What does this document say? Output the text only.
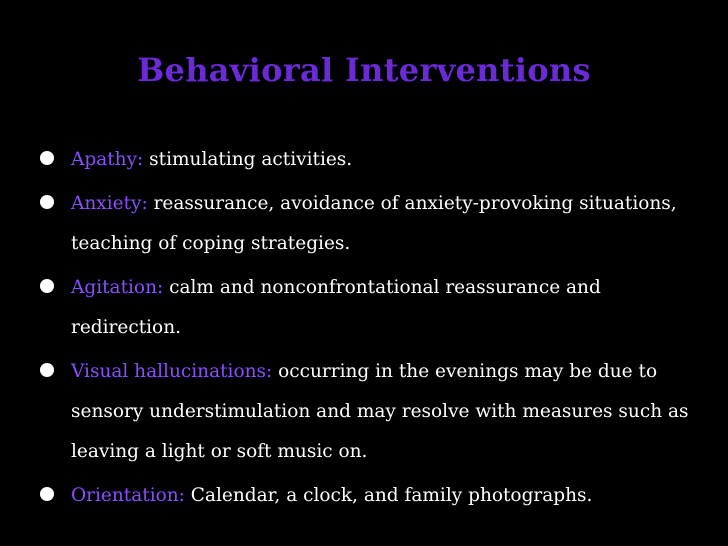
Behavioral Interventions
Apathy: stimulating activities.
Anxiety: reassurance, avoidance of anxiety-provoking situations, teaching of coping strategies.
Agitation: calm and nonconfrontational reassurance and redirection.
Visual hallucinations: occurring in the evenings may be due to sensory understimulation and may resolve with measures such as leaving a light or soft music on.
Orientation: Calendar, a clock, and family photographs.
